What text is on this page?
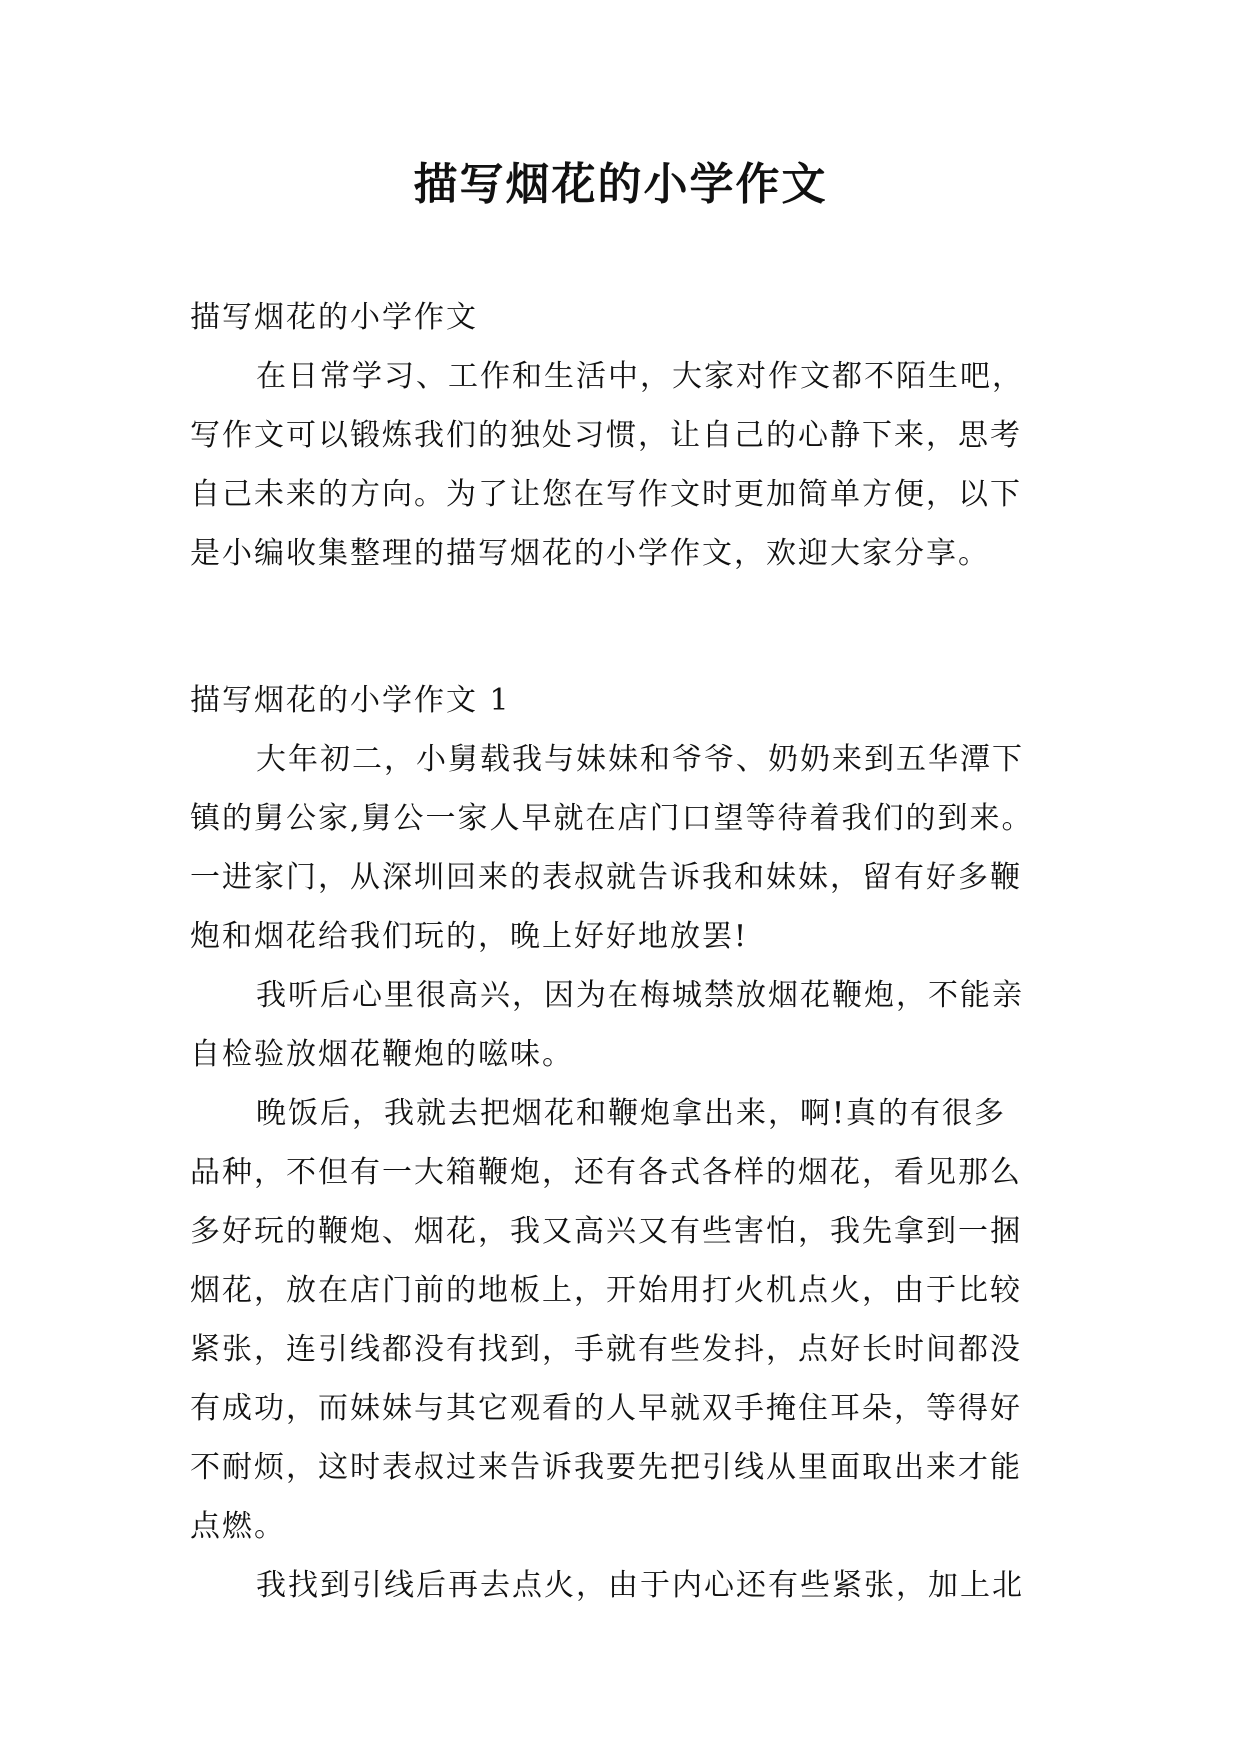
描写烟花的小学作文
描写烟花的小学作文
在日常学习、工作和生活中，大家对作文都不陌生吧，
写作文可以锻炼我们的独处习惯，让自己的心静下来，思考
自己未来的方向。为了让您在写作文时更加简单方便，以下
是小编收集整理的描写烟花的小学作文，欢迎大家分享。
描写烟花的小学作文 1
大年初二，小舅载我与妹妹和爷爷、奶奶来到五华潭下
镇的舅公家,舅公一家人早就在店门口望等待着我们的到来。
一进家门，从深圳回来的表叔就告诉我和妹妹，留有好多鞭
炮和烟花给我们玩的，晚上好好地放罢!
我听后心里很高兴，因为在梅城禁放烟花鞭炮，不能亲
自检验放烟花鞭炮的嗞味。
晚饭后，我就去把烟花和鞭炮拿出来，啊!真的有很多
品种，不但有一大箱鞭炮，还有各式各样的烟花，看见那么
多好玩的鞭炮、烟花，我又高兴又有些害怕，我先拿到一捆
烟花，放在店门前的地板上，开始用打火机点火，由于比较
紧张，连引线都没有找到，手就有些发抖，点好长时间都没
有成功，而妹妹与其它观看的人早就双手掩住耳朵，等得好
不耐烦，这时表叔过来告诉我要先把引线从里面取出来才能
点燃。
我找到引线后再去点火，由于内心还有些紧张，加上北
